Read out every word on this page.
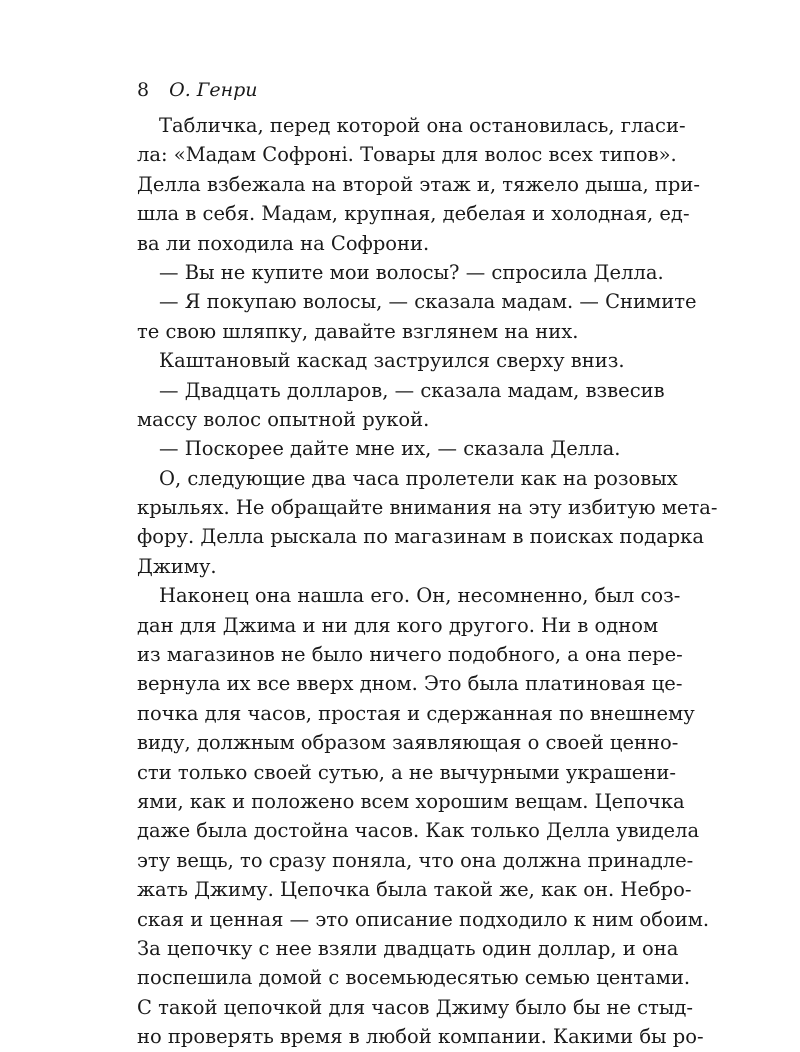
8 О. Генри
Табличка, перед которой она остановилась, гласи-
ла: «Мадам Софроні. Товары для волос всех типов».
Делла взбежала на второй этаж и, тяжело дыша, при-
шла в себя. Мадам, крупная, дебелая и холодная, ед-
ва ли походила на Софрони.
— Вы не купите мои волосы? — спросила Делла.
— Я покупаю волосы, — сказала мадам. — Снимите
те свою шляпку, давайте взглянем на них.
Каштановый каскад заструился сверху вниз.
— Двадцать долларов, — сказала мадам, взвесив
массу волос опытной рукой.
— Поскорее дайте мне их, — сказала Делла.
О, следующие два часа пролетели как на розовых
крыльях. Не обращайте внимания на эту избитую мета-
фору. Делла рыскала по магазинам в поисках подарка
Джиму.
Наконец она нашла его. Он, несомненно, был соз-
дан для Джима и ни для кого другого. Ни в одном
из магазинов не было ничего подобного, а она пере-
вернула их все вверх дном. Это была платиновая це-
почка для часов, простая и сдержанная по внешнему
виду, должным образом заявляющая о своей ценно-
сти только своей сутью, а не вычурными украшени-
ями, как и положено всем хорошим вещам. Цепочка
даже была достойна часов. Как только Делла увидела
эту вещь, то сразу поняла, что она должна принадле-
жать Джиму. Цепочка была такой же, как он. Небро-
ская и ценная — это описание подходило к ним обоим.
За цепочку с нее взяли двадцать один доллар, и она
поспешила домой с восемьюдесятью семью центами.
С такой цепочкой для часов Джиму было бы не стыд-
но проверять время в любой компании. Какими бы ро-
